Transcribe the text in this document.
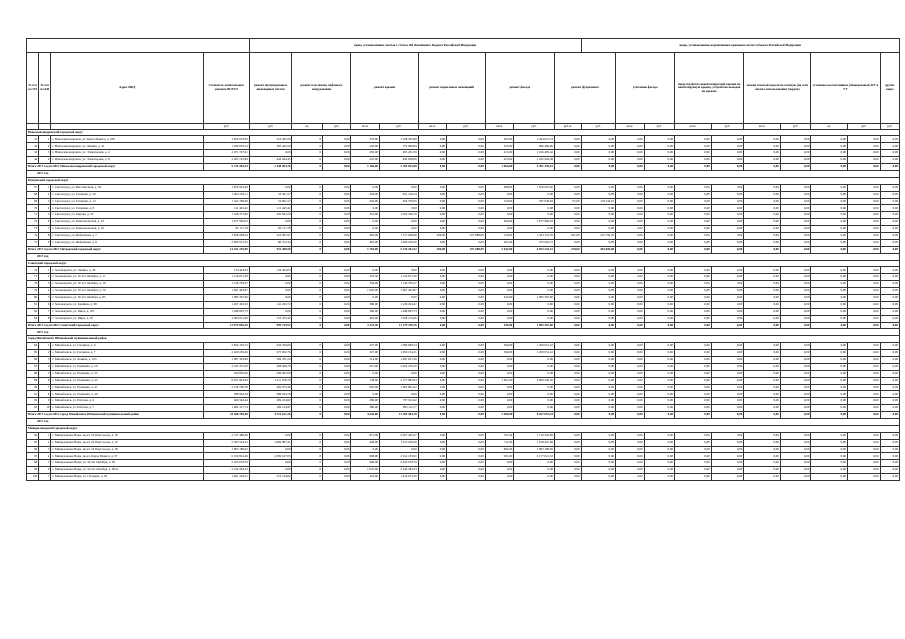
				виды, установленные частью 1 статьи 166 Жилищного Кодекса Российской Федерации										виды, установленные нормативным правовым актом субъекта Российской Федерации									
№ п/п по ГП	№ п/п по КП	Адрес МКД	Стоимость капитального ремонта ВСЕГО	ремонт внутридомовых инженерных систем	ремонт или замена лифтового оборудования		ремонт крыши		ремонт подвальных помещений		ремонт фасада		ремонт фундамента		утепление фасада		переустройство невентилируемой крыши на вентилируемую крышу, устройство выходов на кровлю		замена плоской кровли на скатную (на сети жилого использования (чердак)		установка коллективных (общедомовых) ПУ и УУ		другие виды
			руб.	руб.	ед.	руб.	кв.м.	руб.	кв.м.	руб.	кв.м.	руб.	куб.м.	руб.	кв.м.	руб.	кв.м.	руб.	кв.м.	руб.	ед.	руб.	руб.
Новоалександровский городской округ																							
41	1	г. Новоалександровск, ул. Карла Маркса, д. 188	3 920 032,83	523 445,50	0	0,00	376,00	1 228 565,80	0,00	0,00	465,00	1 294 021,53	0,00	0,00	0,00	0,00	0,00	0,00	0,00	0,00	0,00	0,00	0,00
42	2	г. Новоалександровск, ул. Ленина, д. 41	1 930 970,54	283 445,50	0	0,00	250,00	772 098,84	0,00	0,00	325,00	806 496,66	0,00	0,00	0,00	0,00	0,00	0,00	0,00	0,00	0,00	0,00	0,00
43	3	г. Новоалександровск, ул. Элеваторная, д. 4	2 071 747,01	0,00	0	0,00	283,00	905 261,59	0,00	0,00	415,00	1 166 485,42	0,00	0,00	0,00	0,00	0,00	0,00	0,00	0,00	0,00	0,00	0,00
44	4	г. Новоалександровск, ул. Элеваторная, д. 8	2 403 722,89	644 044,45	0	0,00	247,00	842 028,06	0,00	0,00	425,00	1 182 964,38	0,00	0,00	0,00	0,00	0,00	0,00	0,00	0,00	0,00	0,00	0,00
Итого 2017 год по МО: Новоалександровский городской округ			9 725 284,34	1 448 093,76	0	0,00	1 166,00	3 785 053,08	0,00	0,00	1 666,00	4 491 359,01	0,00	0,00	0,00	0,00	0,00	0,00	0,00	0,00	0,00	0,00	0,00
2017 год																							
Петровский городской округ																							
67	1	г. Светлоград, ул. Выставочная, д. 39	1 870 923,40	0,00	0	0,00	0,00	0,00	0,00	0,00	488,00	1 870 923,40	0,00	0,00	0,00	0,00	0,00	0,00	0,00	0,00	0,00	0,00	0,00
68	2	г. Светлоград, ул. Гагарина, д. 10	1 004 702,11	53 561,57	0	0,00	294,00	951 140,54	0,00	0,00	0,00	0,00	0,00	0,00	0,00	0,00	0,00	0,00	0,00	0,00	0,00	0,00	0,00
69	3	г. Светлоград, ул. Гагарина, д. 12	1 522 708,46	53 061,57	0	0,00	294,00	954 376,05	0,00	0,00	120,00	397 036,83	97,00	118 234,01	0,00	0,00	0,00	0,00	0,00	0,00	0,00	0,00	0,00
70	4	г. Светлоград, ул. Гагарина, д. 8	111 443,42	111 443,42	0	0,00	0,00	0,00	0,00	0,00	0,00	0,00	0,00	0,00	0,00	0,00	0,00	0,00	0,00	0,00	0,00	0,00	0,00
71	5	г. Светлоград, ул. Кирова, д. 23	1 228 371,90	205 825,20	0	0,00	316,00	1 022 546,70	0,00	0,00	0,00	0,00	0,00	0,00	0,00	0,00	0,00	0,00	0,00	0,00	0,00	0,00	0,00
72	6	г. Светлоград, ул. Комсомольская, д. 22	1 677 960,03	0,00	0	0,00	0,00	0,00	0,00	0,00	460,00	1 677 960,03	0,00	0,00	0,00	0,00	0,00	0,00	0,00	0,00	0,00	0,00	0,00
73	7	г. Светлоград, ул. Комсомольская, д. 32	82 117,78	82 117,78	0	0,00	0,00	0,00	0,00	0,00	0,00	0,00	0,00	0,00	0,00	0,00	0,00	0,00	0,00	0,00	0,00	0,00	0,00
74	8	г. Светлоград, ул. Фабричная, д. 7	3 858 208,34	223 667,97	0	0,00	465,00	1 517 948,08	209,00	471 688,99	720,00	1 434 153,59	181,00	210 750,45	0,00	0,00	0,00	0,00	0,00	0,00	0,00	0,00	0,00
75	9	г. Светлоград, ул. Фабричная, д. 8	2 093 915,35	80 572,34	0	0,00	495,00	1 480 250,30	0,00	0,00	201,00	533 092,72	0,00	0,00	0,00	0,00	0,00	0,00	0,00	0,00	0,00	0,00	0,00
Итого 2017 год по МО: Петровский городской округ			14 161 239,09	931 388,59	0	0,00	1 764,00	5 726 262,52	209,00	471 688,99	2 432,00	6 953 324,21	278,00	404 659,08	0,00	0,00	0,00	0,00	0,00	0,00	0,00	0,00	0,00
2017 год																							
Советский городской округ																							
76	1	г. Зеленокумск, ул. Ленина, д. 40	134 443,03	134 443,03	0	0,00	0,00	0,00	0,00	0,00	0,00	0,00	0,00	0,00	0,00	0,00	0,00	0,00	0,00	0,00	0,00	0,00	0,00
77	2	г. Зеленокумск, ул. 50 лет Октября, д. 17	1 120 871,30	0,00	0	0,00	333,30	1 120 871,30	0,00	0,00	0,00	0,00	0,00	0,00	0,00	0,00	0,00	0,00	0,00	0,00	0,00	0,00	0,00
78	3	г. Зеленокумск, ул. 50 лет Октября, д. 19	1 146 709,37	0,00	0	0,00	339,00	1 146 709,37	0,00	0,00	0,00	0,00	0,00	0,00	0,00	0,00	0,00	0,00	0,00	0,00	0,00	0,00	0,00
79	4	г. Зеленокумск, ул. 50 лет Октября, д. 70	1 697 463,87	0,00	0	0,00	1 095,00	1 697 463,87	0,00	0,00	0,00	0,00	0,00	0,00	0,00	0,00	0,00	0,00	0,00	0,00	0,00	0,00	0,00
80	5	г. Зеленокумск, ул. 50 лет Октября, д. 85	1 085 367,60	0,00	0	0,00	0,00	0,00	0,00	0,00	445,00	1 085 367,60	0,00	0,00	0,00	0,00	0,00	0,00	0,00	0,00	0,00	0,00	0,00
81	6	г. Зеленокумск, ул. Крайняя, д. 98	1 267 493,19	141 202,72	0	0,00	386,00	1 126 294,47	0,00	0,00	0,00	0,00	0,00	0,00	0,00	0,00	0,00	0,00	0,00	0,00	0,00	0,00	0,00
82	7	г. Зеленокумск, ул. Мира, д. 187	1 048 005,73	0,00	0	0,00	396,00	1 048 005,73	0,00	0,00	0,00	0,00	0,00	0,00	0,00	0,00	0,00	0,00	0,00	0,00	0,00	0,00	0,00
83	8	г. Зеленокумск, ул. Мира, д. 20	2 663 611,09	723 475,42	0	0,00	465,00	1 928 135,66	0,00	0,00	0,00	0,00	0,00	0,00	0,00	0,00	0,00	0,00	0,00	0,00	0,00	0,00	0,00
Итого 2017 год по МО: Советский городской округ			13 079 066,39	999 219,92	0	0,00	3 323,30	11 279 338,76	0,00	0,00	445,00	1 085 367,60	0,00	0,00	0,00	0,00	0,00	0,00	0,00	0,00	0,00	0,00	0,00
2017 год																							
город Михайловск Шпаковский муниципальный район																							
84	1	г. Михайловск, ул. Гагарина, д. 6	2 824 104,72	926 356,66	0	0,00	327,00	1 089 008,54	0,00	0,00	399,00	1 209 051,22	0,00	0,00	0,00	0,00	0,00	0,00	0,00	0,00	0,00	0,00	0,00
85	2	г. Михайловск, ул. Гагарина, д. 7	2 420 230,49	275 032,76	0	0,00	327,00	1 059 154,31	0,00	0,00	399,00	1 209 051,22	0,00	0,00	0,00	0,00	0,00	0,00	0,00	0,00	0,00	0,00	0,00
86	3	г. Михайловск, ул. Ленина, д. 163	1 987 393,09	509 761,54	0	0,00	514,00	1 487 631,56	0,00	0,00	0,00	0,00	0,00	0,00	0,00	0,00	0,00	0,00	0,00	0,00	0,00	0,00	0,00
87	4	г. Михайловск, ул. Пушкина, д. 29	2 433 372,50	208 946,70	0	0,00	615,00	2 024 476,20	0,00	0,00	0,00	0,00	0,00	0,00	0,00	0,00	0,00	0,00	0,00	0,00	0,00	0,00	0,00
88	5	г. Михайловск, ул. Пушкина, д. 35	299 065,00	299 065,00	0	0,00	0,00	0,00	0,00	0,00	0,00	0,00	0,00	0,00	0,00	0,00	0,00	0,00	0,00	0,00	0,00	0,00	0,00
89	6	г. Михайловск, ул. Пушкина, д. 43	6 657 843,04	1 411 078,79	0	0,00	728,00	2 577 883,84	0,00	0,00	1 691,00	2 668 230,02	0,00	0,00	0,00	0,00	0,00	0,00	0,00	0,00	0,00	0,00	0,00
90	7	г. Михайловск, ул. Пушкина, д. 47	2 156 760,78	465 075,36	0	0,00	665,00	1 693 891,42	0,00	0,00	0,00	0,00	0,00	0,00	0,00	0,00	0,00	0,00	0,00	0,00	0,00	0,00	0,00
91	8	г. Михайловск, ул. Пушкина, д. 49	388 944,78	388 944,78	0	0,00	0,00	0,00	0,00	0,00	0,00	0,00	0,00	0,00	0,00	0,00	0,00	0,00	0,00	0,00	0,00	0,00	0,00
92	9	г. Михайловск, ул. Рабочая, д. 6	946 546,44	209 224,82	0	0,00	280,00	737 321,62	0,00	0,00	0,00	0,00	0,00	0,00	0,00	0,00	0,00	0,00	0,00	0,00	0,00	0,00	0,00
93	10	г. Михайловск, ул. Рабочая, д. 7	1 062 317,74	169 124,97	0	0,00	280,00	893 112,77	0,00	0,00	0,00	0,00	0,00	0,00	0,00	0,00	0,00	0,00	0,00	0,00	0,00	0,00	0,00
Итого 2017 год по МО: город Михайловск Шпаковский муниципальный район			24 360 709,48	4 724 161,26	0	0,00	4 636,00	11 369 494,78	0,00	0,00	2 489,00	8 267 053,44	0,00	0,00	0,00	0,00	0,00	0,00	0,00	0,00	0,00	0,00	0,00
2017 год																							
Минераловодский городской округ																							
94	1	г. Минеральные Воды, пр-кт. 22 Партсъезда, д. 30	2 737 488,46	0,00	0	0,00	871,00	2 027 445,27	0,00	0,00	701,00	1 710 343,09	0,00	0,00	0,00	0,00	0,00	0,00	0,00	0,00	0,00	0,00	0,00
95	2	г. Минеральные Воды, пр-кт. 22 Партсъезда, д. 32	5 395 524,25	1 884 087,41	0	0,00	446,00	1 513 228,39	0,00	0,00	711,00	1 918 427,69	0,00	0,00	0,00	0,00	0,00	0,00	0,00	0,00	0,00	0,00	0,00
96	3	г. Минеральные Воды, пр-кт. 22 Партсъезда, д. 38	1 893 189,95	0,00	0	0,00	0,00	0,00	0,00	0,00	692,00	1 893 189,95	0,00	0,00	0,00	0,00	0,00	0,00	0,00	0,00	0,00	0,00	0,00
97	4	г. Минеральные Воды, пр-кт. Карла Маркса, д. 37	6 190 822,46	2 099 617,03	0	0,00	968,00	2 914 183,91	0,00	0,00	931,00	2 177 021,52	0,00	0,00	0,00	0,00	0,00	0,00	0,00	0,00	0,00	0,00	0,00
98	5	г. Минеральные Воды, ул. 50 лет Октября, д. 65	2 023 618,79	0,00	0	0,00	906,00	2 023 618,79	0,00	0,00	0,00	0,00	0,00	0,00	0,00	0,00	0,00	0,00	0,00	0,00	0,00	0,00	0,00
99	6	г. Минеральные Воды, ул. 50 лет Октября, д. 99/А	2 244 584,33	0,00	0	0,00	1 076,00	2 244 584,33	0,00	0,00	0,00	0,00	0,00	0,00	0,00	0,00	0,00	0,00	0,00	0,00	0,00	0,00	0,00
100	7	г. Минеральные Воды, ул. Гагарина, д. 50	1 991 418,21	574 744,82	0	0,00	322,00	1 416 673,39	0,00	0,00	0,00	0,00	0,00	0,00	0,00	0,00	0,00	0,00	0,00	0,00	0,00	0,00	0,00
